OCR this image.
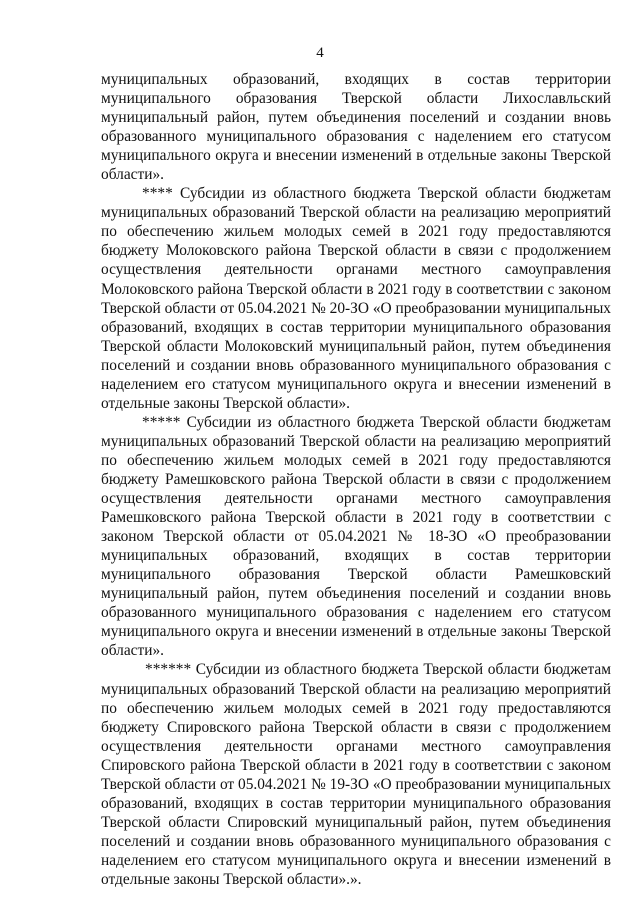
4

муниципальных образований, входящих в состав территории муниципального образования Тверской области Лихославльский муниципальный район, путем объединения поселений и создании вновь образованного муниципального образования с наделением его статусом муниципального округа и внесении изменений в отдельные законы Тверской области».

**** Субсидии из областного бюджета Тверской области бюджетам муниципальных образований Тверской области на реализацию мероприятий по обеспечению жильем молодых семей в 2021 году предоставляются бюджету Молоковского района Тверской области в связи с продолжением осуществления деятельности органами местного самоуправления Молоковского района Тверской области в 2021 году в соответствии с законом Тверской области от 05.04.2021 № 20-ЗО «О преобразовании муниципальных образований, входящих в состав территории муниципального образования Тверской области Молоковский муниципальный район, путем объединения поселений и создании вновь образованного муниципального образования с наделением его статусом муниципального округа и внесении изменений в отдельные законы Тверской области».

***** Субсидии из областного бюджета Тверской области бюджетам муниципальных образований Тверской области на реализацию мероприятий по обеспечению жильем молодых семей в 2021 году предоставляются бюджету Рамешковского района Тверской области в связи с продолжением осуществления деятельности органами местного самоуправления Рамешковского района Тверской области в 2021 году в соответствии с законом Тверской области от 05.04.2021 № 18-ЗО «О преобразовании муниципальных образований, входящих в состав территории муниципального образования Тверской области Рамешковский муниципальный район, путем объединения поселений и создании вновь образованного муниципального образования с наделением его статусом муниципального округа и внесении изменений в отдельные законы Тверской области».

****** Субсидии из областного бюджета Тверской области бюджетам муниципальных образований Тверской области на реализацию мероприятий по обеспечению жильем молодых семей в 2021 году предоставляются бюджету Спировского района Тверской области в связи с продолжением осуществления деятельности органами местного самоуправления Спировского района Тверской области в 2021 году в соответствии с законом Тверской области от 05.04.2021 № 19-ЗО «О преобразовании муниципальных образований, входящих в состав территории муниципального образования Тверской области Спировский муниципальный район, путем объединения поселений и создании вновь образованного муниципального образования с наделением его статусом муниципального округа и внесении изменений в отдельные законы Тверской области».».
